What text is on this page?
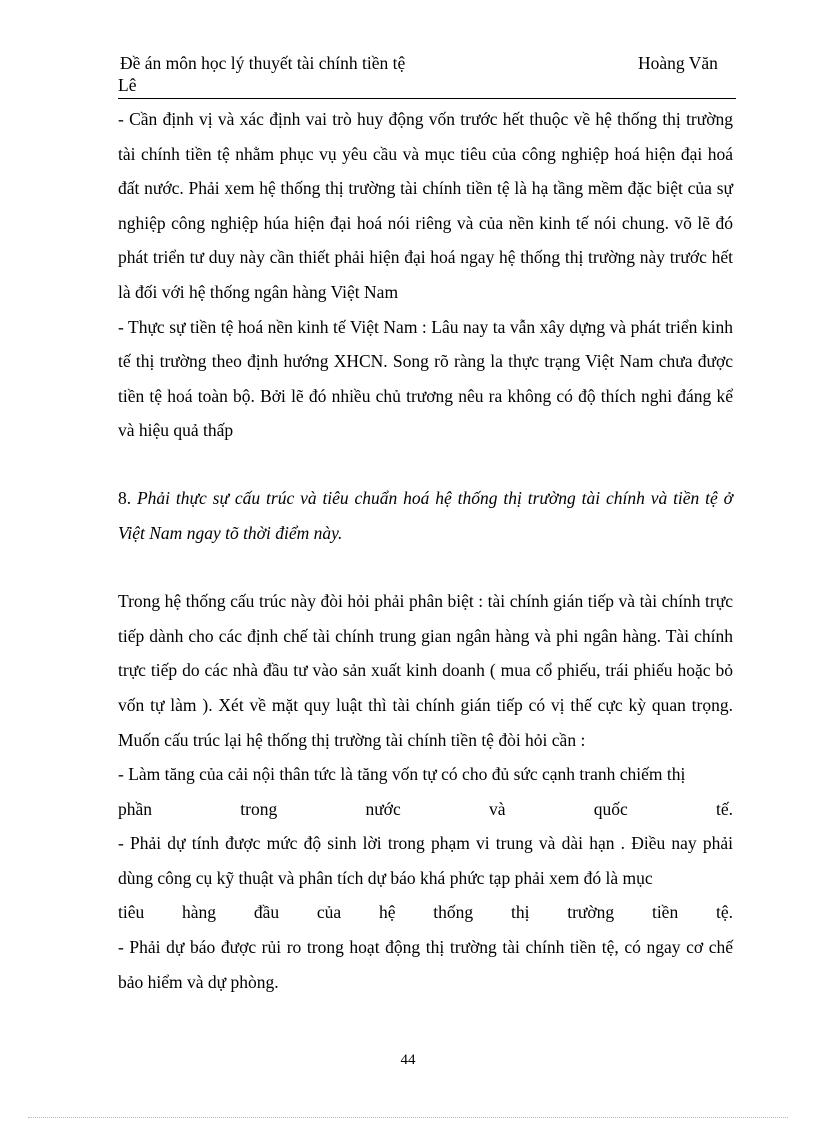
Đề án môn học lý thuyết tài chính tiền tệ	Hoàng Văn
Lê

- Cần định vị và xác định vai trò huy động vốn trước hết thuộc về hệ thống thị trường tài chính tiền tệ nhằm phục vụ yêu cầu và mục tiêu của công nghiệp hoá hiện đại hoá đất nước. Phải xem hệ thống thị trường tài chính tiền tệ là hạ tầng mềm đặc biệt của sự nghiệp công nghiệp húa hiện đại hoá nói riêng và của nền kinh tế nói chung. võ lẽ đó phát triển tư duy này cần thiết phải hiện đại hoá ngay hệ thống thị trường này trước hết là đối với hệ thống ngân hàng Việt Nam

- Thực sự tiền tệ hoá nền kinh tế Việt Nam : Lâu nay ta vẫn xây dựng và phát triển kinh tế thị trường theo định hướng XHCN. Song rõ ràng la thực trạng Việt Nam chưa được tiền tệ hoá toàn bộ. Bởi lẽ đó nhiều chủ trương nêu ra không có độ thích nghi đáng kể và hiệu quả thấp

8. Phải thực sự cấu trúc và tiêu chuẩn hoá hệ thống thị trường tài chính và tiền tệ ở Việt Nam ngay tõ thời điểm này.

Trong hệ thống cấu trúc này đòi hỏi phải phân biệt : tài chính gián tiếp và tài chính trực tiếp dành cho các định chế tài chính trung gian ngân hàng và phi ngân hàng. Tài chính trực tiếp do các nhà đầu tư vào sản xuất kinh doanh ( mua cổ phiếu, trái phiếu hoặc bỏ vốn tự làm ). Xét về mặt quy luật thì tài chính gián tiếp có vị thế cực kỳ quan trọng. Muốn cấu trúc lại hệ thống thị trường tài chính tiền tệ đòi hỏi cần :

- Làm tăng của cải nội thân tức là tăng vốn tự có cho đủ sức cạnh tranh chiếm thị
phần trong nước và quốc tế.

- Phải dự tính được mức độ sinh lời trong phạm vi trung và dài hạn . Điều nay phải dùng công cụ kỹ thuật và phân tích dự báo khá phức tạp phải xem đó là mục
tiêu hàng đầu của hệ thống thị trường tiền tệ.

- Phải dự báo được rủi ro trong hoạt động thị trường tài chính tiền tệ, có ngay cơ chế bảo hiểm và dự phòng.

44
